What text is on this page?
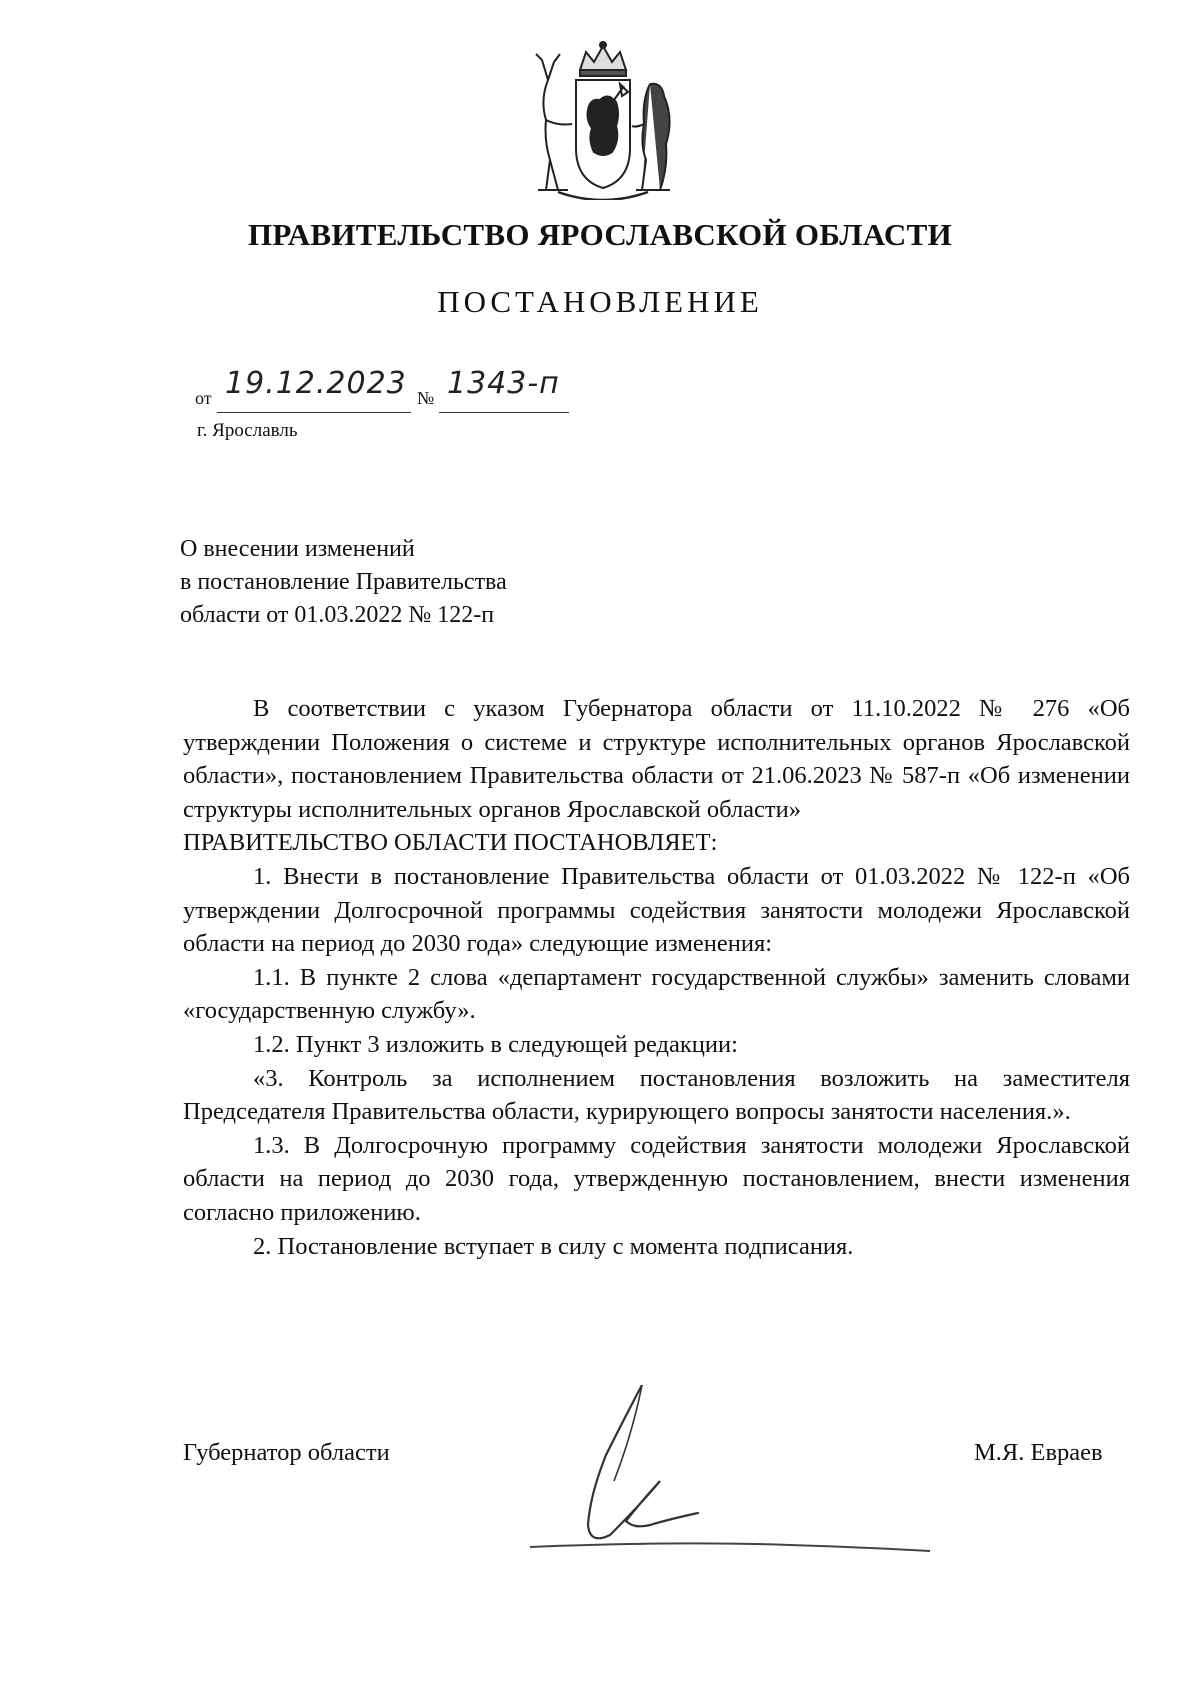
ПРАВИТЕЛЬСТВО ЯРОСЛАВСКОЙ ОБЛАСТИ
ПОСТАНОВЛЕНИЕ
от 19.12.2023 № 1343-п
г. Ярославль
О внесении изменений
в постановление Правительства
области от 01.03.2022 № 122-п

В соответствии с указом Губернатора области от 11.10.2022 № 276 «Об утверждении Положения о системе и структуре исполнительных органов Ярославской области», постановлением Правительства области от 21.06.2023 № 587-п «Об изменении структуры исполнительных органов Ярославской области»

ПРАВИТЕЛЬСТВО ОБЛАСТИ ПОСТАНОВЛЯЕТ:

1. Внести в постановление Правительства области от 01.03.2022 № 122-п «Об утверждении Долгосрочной программы содействия занятости молодежи Ярославской области на период до 2030 года» следующие изменения:

1.1. В пункте 2 слова «департамент государственной службы» заменить словами «государственную службу».

1.2. Пункт 3 изложить в следующей редакции:

«3. Контроль за исполнением постановления возложить на заместителя Председателя Правительства области, курирующего вопросы занятости населения.».

1.3. В Долгосрочную программу содействия занятости молодежи Ярославской области на период до 2030 года, утвержденную постановлением, внести изменения согласно приложению.

2. Постановление вступает в силу с момента подписания.

Губернатор области	М.Я. Евраев
